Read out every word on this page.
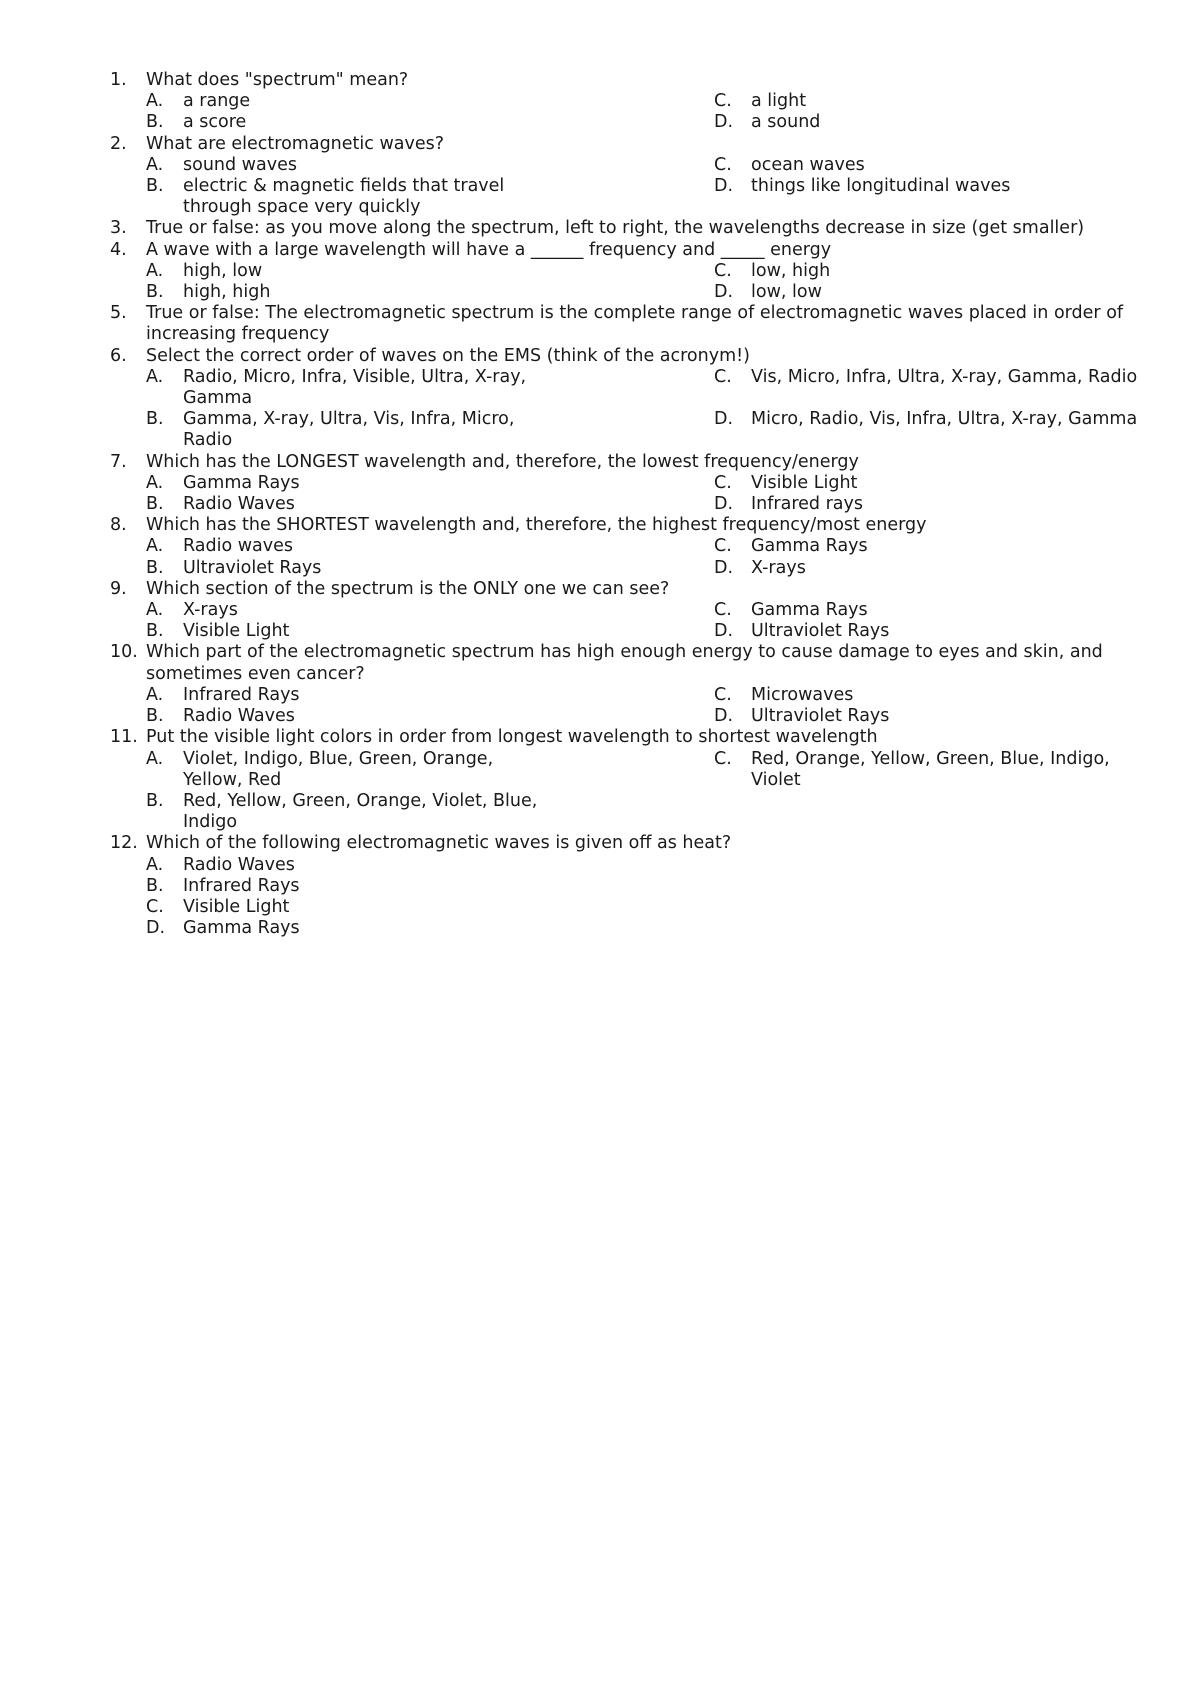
1.	What does "spectrum" mean?
A.	a range	C.	a light
B.	a score	D.	a sound
2.	What are electromagnetic waves?
A.	sound waves	C.	ocean waves
B.	electric & magnetic fields that travel through space very quickly
D.	things like longitudinal waves
3.	True or false: as you move along the spectrum, left to right, the wavelengths decrease in size (get smaller)
4.	A wave with a large wavelength will have a ______ frequency and _____ energy
A.	high, low	C.	low, high
B.	high, high	D.	low, low
5.	True or false: The electromagnetic spectrum is the complete range of electromagnetic waves placed in order of increasing frequency
6.	Select the correct order of waves on the EMS (think of the acronym!)
A.	Radio, Micro, Infra, Visible, Ultra, X-ray, Gamma
C.	Vis, Micro, Infra, Ultra, X-ray, Gamma, Radio
B.	Gamma, X-ray, Ultra, Vis, Infra, Micro, Radio
D.	Micro, Radio, Vis, Infra, Ultra, X-ray, Gamma
7.	Which has the LONGEST wavelength and, therefore, the lowest frequency/energy
A.	Gamma Rays	C.	Visible Light
B.	Radio Waves	D.	Infrared rays
8.	Which has the SHORTEST wavelength and, therefore, the highest frequency/most energy
A.	Radio waves	C.	Gamma Rays
B.	Ultraviolet Rays	D.	X-rays
9.	Which section of the spectrum is the ONLY one we can see?
A.	X-rays	C.	Gamma Rays
B.	Visible Light	D.	Ultraviolet Rays
10. Which part of the electromagnetic spectrum has high enough energy to cause damage to eyes and skin, and sometimes even cancer?
A.	Infrared Rays	C.	Microwaves
B.	Radio Waves	D.	Ultraviolet Rays
11. Put the visible light colors in order from longest wavelength to shortest wavelength
A.	Violet, Indigo, Blue, Green, Orange, Yellow, Red
C.	Red, Orange, Yellow, Green, Blue, Indigo, Violet
B.	Red, Yellow, Green, Orange, Violet, Blue, Indigo
12. Which of the following electromagnetic waves is given off as heat?
A.	Radio Waves
B.	Infrared Rays
C.	Visible Light
D.	Gamma Rays
